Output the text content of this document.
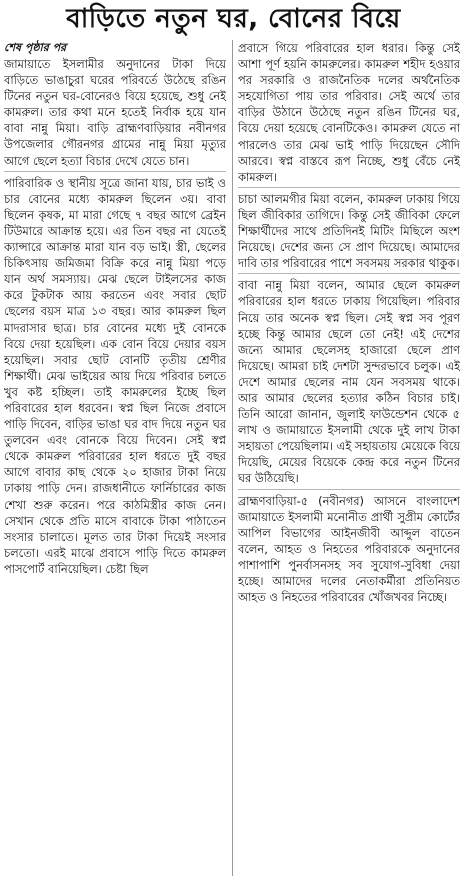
বাড়িতে নতুন ঘর, বোনের বিয়ে
শেষ পৃষ্ঠার পর
জামায়াতে ইসলামীর অনুদানের টাকা দিয়ে বাড়িতে ভাঙাচুরা ঘরের পরিবর্তে উঠেছে রঙিন টিনের নতুন ঘর-বোনেরও বিয়ে হয়েছে, শুধু নেই কামরুল। তার কথা মনে হতেই নির্বাক হয়ে যান বাবা নান্নু মিয়া। বাড়ি ব্রাহ্মণবাড়িয়ার নবীনগর উপজেলার গৌরনগর গ্রামের নান্নু মিয়া মৃত্যুর আগে ছেলে হত্যা বিচার দেখে যেতে চান।
পারিবারিক ও স্থানীয় সূত্রে জানা যায়, চার ভাই ও চার বোনের মধ্যে কামরুল ছিলেন ৩য়। বাবা ছিলেন কৃষক, মা মারা গেছে ৭ বছর আগে ব্রেইন টিউমারে আক্রান্ত হয়ে। এর তিন বছর না যেতেই ক্যান্সারে আক্রান্ত মারা যান বড় ভাই। স্ত্রী, ছেলের চিকিৎসায় জমিজমা বিক্রি করে নান্নু মিয়া পড়ে যান অর্থ সমস্যায়। মেঝ ছেলে টাইলসের কাজ করে টুকটাক আয় করতেন এবং সবার ছোট ছেলের বয়স মাত্র ১৩ বছর। আর কামরুল ছিল মাদরাসার ছাত্র। চার বোনের মধ্যে দুই বোনকে বিয়ে দেয়া হয়েছিল। এক বোন বিয়ে দেয়ার বয়স হয়েছিল। সবার ছোট বোনটি তৃতীয় শ্রেণীর শিক্ষার্থী। মেঝ ভাইয়ের আয় দিয়ে পরিবার চলতে খুব কষ্ট হচ্ছিল। তাই কামরুলের ইচ্ছে ছিল পরিবারের হাল ধরবেন। স্বপ্ন ছিল নিজে প্রবাসে পাড়ি দিবেন, বাড়ির ভাঙা ঘর বাদ দিয়ে নতুন ঘর তুলবেন এবং বোনকে বিয়ে দিবেন। সেই স্বপ্ন থেকে কামরুল পরিবারের হাল ধরতে দুই বছর আগে বাবার কাছ থেকে ২০ হাজার টাকা নিয়ে ঢাকায় পাড়ি দেন। রাজধানীতে ফার্নিচারের কাজ শেখা শুরু করেন। পরে কাঠমিস্ত্রীর কাজ নেন। সেখান থেকে প্রতি মাসে বাবাকে টাকা পাঠাতেন সংসার চালাতে। মূলত তার টাকা দিয়েই সংসার চলতো। এরই মাঝে প্রবাসে পাড়ি দিতে কামরুল পাসপোর্ট বানিয়েছিল। চেষ্টা ছিল
প্রবাসে গিয়ে পরিবারের হাল ধরার। কিন্তু সেই আশা পূর্ণ হয়নি কামরুলের। কামরুল শহীদ হওয়ার পর সরকারি ও রাজনৈতিক দলের অর্থনৈতিক সহযোগিতা পায় তার পরিবার। সেই অর্থে তার বাড়ির উঠানে উঠেছে নতুন রঙিন টিনের ঘর, বিয়ে দেয়া হয়েছে বোনটিকেও। কামরুল যেতে না পারলেও তার মেঝ ভাই পাড়ি দিয়েছেন সৌদি আরবে। স্বপ্ন বাস্তবে রূপ নিচ্ছে, শুধু বেঁচে নেই কামরুল।
চাচা আলমগীর মিয়া বলেন, কামরুল ঢাকায় গিয়ে ছিল জীবিকার তাগিদে। কিন্তু সেই জীবিকা ফেলে শিক্ষার্থীদের সাথে প্রতিদিনই মিটিং মিছিলে অংশ নিয়েছে। দেশের জন্য সে প্রাণ দিয়েছে। আমাদের দাবি তার পরিবারের পাশে সবসময় সরকার থাকুক।
বাবা নান্নু মিয়া বলেন, আমার ছেলে কামরুল পরিবারের হাল ধরতে ঢাকায় গিয়েছিল। পরিবার নিয়ে তার অনেক স্বপ্ন ছিল। সেই স্বপ্ন সব পূরণ হচ্ছে কিন্তু আমার ছেলে তো নেই! এই দেশের জন্যে আমার ছেলেসহ হাজারো ছেলে প্রাণ দিয়েছে। আমরা চাই দেশটা সুন্দরভাবে চলুক। এই দেশে আমার ছেলের নাম যেন সবসময় থাকে। আর আমার ছেলের হত্যার কঠিন বিচার চাই। তিনি আরো জানান, জুলাই ফাউন্ডেশন থেকে ৫ লাখ ও জামায়াতে ইসলামী থেকে দুই লাখ টাকা সহায়তা পেয়েছিলাম। এই সহায়তায় মেয়েকে বিয়ে দিয়েছি, মেয়ের বিয়েকে কেন্দ্র করে নতুন টিনের ঘর উঠিয়েছি।
ব্রাহ্মণবাড়িয়া-৫ (নবীনগর) আসনে বাংলাদেশ জামায়াতে ইসলামী মনোনীত প্রার্থী সুপ্রীম কোর্টের আপিল বিভাগের আইনজীবী আব্দুল বাতেন বলেন, আহত ও নিহতের পরিবারকে অনুদানের পাশাপাশি পুনর্বাসনসহ সব সুযোগ-সুবিধা দেয়া হচ্ছে। আমাদের দলের নেতাকর্মীরা প্রতিনিয়ত আহত ও নিহতের পরিবারের খোঁজখবর নিচ্ছে।
